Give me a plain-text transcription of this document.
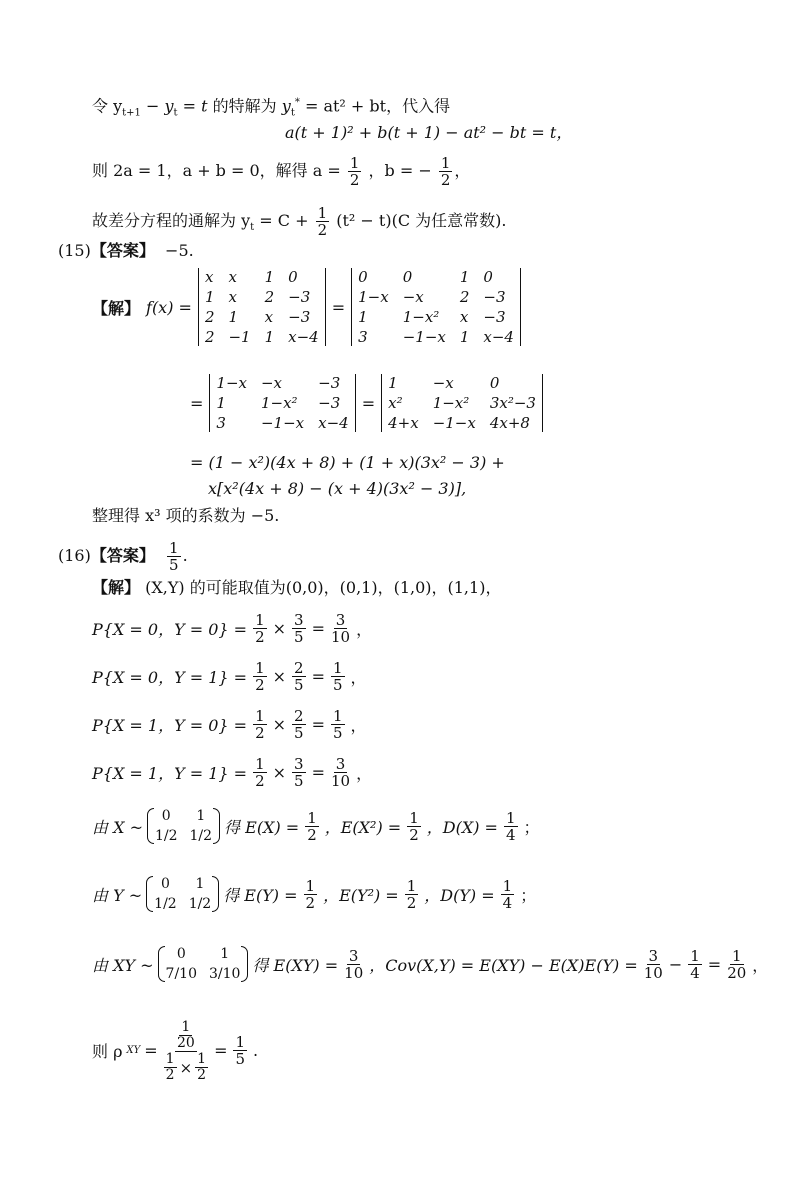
令 $y_{t+1} - y_t = t$ 的特解为 $y_t^* = at^2$ + bt，代入得
a(t + 1)² + b(t + 1) − at² − bt = t，
则 2a = 1，a + b = 0，解得 $a = \frac{1}{2}$ ，b = − $\frac{1}{2}$ ，
故差分方程的通解为 $y_t = C + \frac{1}{2} (t^2 - t)(C$ 为任意常数).
(15)【答案】 −5.
【解】 f(x) =
x x	1 0
1 x	2 −3
2 1	x −3
2 −1 1 x−4
=
0	0	1 0
1−x −x	2 −3
1	1−x²	x −3
3	−1−x 1 x−4
=
1−x −x	−3
1	1−x²	−3
3	−1−x x−4
=
1	−x	0
x²	1−x²	3x²−3
4+x −1−x 4x+8
= (1 − x²)(4x + 8) + (1 + x)(3x² − 3) +
x[x²(4x + 8) − (x + 4)(3x² − 3)],
整理得 x³ 项的系数为 −5.
(16)【答案】 $\frac{1}{5}$ .
【解】 (X,Y) 的可能取值为(0,0)，(0,1)，(1,0)，(1,1)，
P{X = 0，$Y = 0\} = \frac{1}{2} \times \frac{3}{5} = \frac{3}{10}$ ，
P{X = 0，$Y = 1\} = \frac{1}{2} \times \frac{2}{5} = \frac{1}{5}$ ，
P{X = 1，$Y = 0\} = \frac{1}{2} \times \frac{2}{5} = \frac{1}{5}$ ，
P{X = 1，$Y = 1\} = \frac{1}{2} \times \frac{3}{5} = \frac{3}{10}$ ，
由 X ~
0	1
1/2 1/2 得 $E(X) = \frac{1}{2}$ ，$E(X^2) = \frac{1}{2}$ ，$D(X) = \frac{1}{4}$ ；
由 Y ~
0	1
1/2 1/2 得 $E(Y) = \frac{1}{2}$ ，$E(Y^2) = \frac{1}{2}$ ，$D(Y) = \frac{1}{4}$ ；
由 XY ~
0	1
7/10 3/10 得 $E(XY) = \frac{3}{10}$ ，$Cov(X,Y) = E(XY) - E(X)E(Y) = \frac{3}{10} - \frac{1}{4} = \frac{1}{20}$ ，
则 ρ XY = $\frac{\frac{1}{20}}{\frac{1}{2} \times \frac{1}{2}} = \frac{1}{5}$ .
